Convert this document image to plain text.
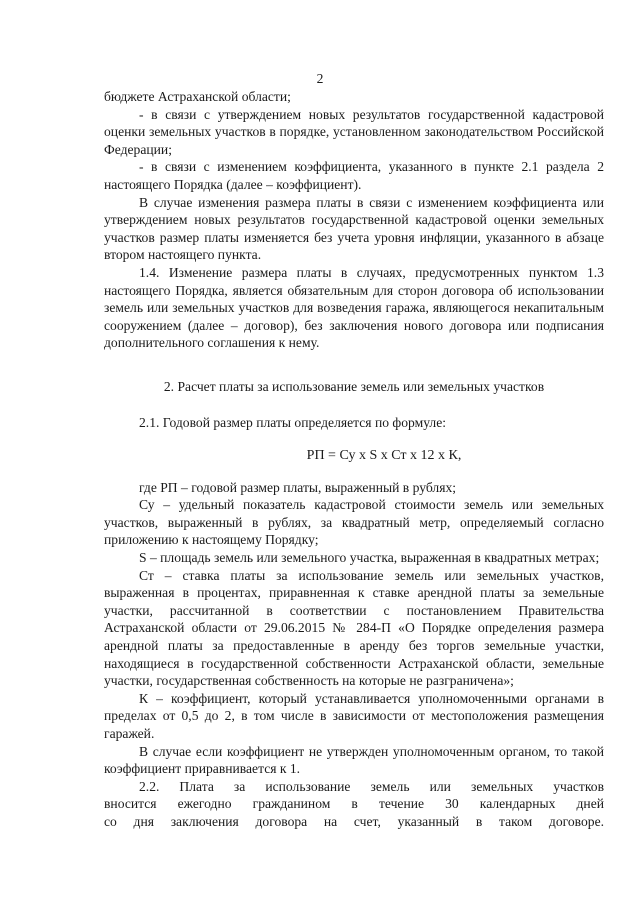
2

бюджете Астраханской области;

- в связи с утверждением новых результатов государственной кадастровой оценки земельных участков в порядке, установленном законодательством Российской Федерации;

- в связи с изменением коэффициента, указанного в пункте 2.1 раздела 2 настоящего Порядка (далее – коэффициент).

В случае изменения размера платы в связи с изменением коэффициента или утверждением новых результатов государственной кадастровой оценки земельных участков размер платы изменяется без учета уровня инфляции, указанного в абзаце втором настоящего пункта.

1.4. Изменение размера платы в случаях, предусмотренных пунктом 1.3 настоящего Порядка, является обязательным для сторон договора об использовании земель или земельных участков для возведения гаража, являющегося некапитальным сооружением (далее – договор), без заключения нового договора или подписания дополнительного соглашения к нему.

2. Расчет платы за использование земель или земельных участков

2.1. Годовой размер платы определяется по формуле:

РП = Су х S х Ст х 12 х К,

где РП – годовой размер платы, выраженный в рублях;

Су – удельный показатель кадастровой стоимости земель или земельных участков, выраженный в рублях, за квадратный метр, определяемый согласно приложению к настоящему Порядку;

S – площадь земель или земельного участка, выраженная в квадратных метрах;

Ст – ставка платы за использование земель или земельных участков, выраженная в процентах, приравненная к ставке арендной платы за земельные участки, рассчитанной в соответствии с постановлением Правительства Астраханской области от 29.06.2015 № 284-П «О Порядке определения размера арендной платы за предоставленные в аренду без торгов земельные участки, находящиеся в государственной собственности Астраханской области, земельные участки, государственная собственность на которые не разграничена»;

К – коэффициент, который устанавливается уполномоченными органами в пределах от 0,5 до 2, в том числе в зависимости от местоположения размещения гаражей.

В случае если коэффициент не утвержден уполномоченным органом, то такой коэффициент приравнивается к 1.

2.2. Плата за использование земель или земельных участков

вносится ежегодно гражданином в течение 30 календарных дней

со дня заключения договора на счет, указанный в таком договоре.
